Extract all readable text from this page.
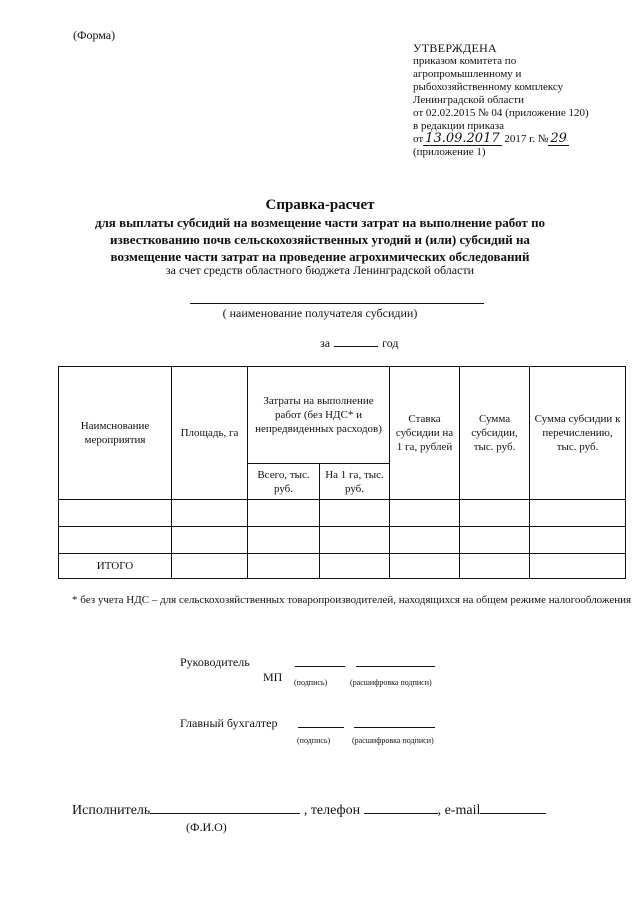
(Форма)
УТВЕРЖДЕНА
приказом комитета по
агропромышленному и
рыбохозяйственному комплексу
Ленинградской области
от 02.02.2015 № 04 (приложение 120)
в редакции приказа
от 13.09.2017 2017 г. № 29
(приложение 1)
Справка-расчет
для выплаты субсидий на возмещение части затрат на выполнение работ по
известкованию почв сельскохозяйственных угодий и (или) субсидий на
возмещение части затрат на проведение агрохимических обследований
за счет средств областного бюджета Ленинградской области
( наименование получателя субсидии)
за	год
Наимснование мероприятия	Площадь, га	Затраты на выполнение работ (без НДС* и непредвиденных расходов)		Ставка субсидии на 1 га, рублей	Сумма субсидии, тыс. руб.	Сумма субсидии к перечислению, тыс. руб.
		Всего, тыс. руб.	На 1 га, тыс. руб.			

ИТОГО						
* без учета НДС – для сельскохозяйственных товаропроизводителей, находящихся на общем режиме налогообложения
Руководитель
МП (подпись)	(расшифровка подписи)
Главный бухгалтер
(подпись)	(расшифровка подписи)
Исполнитель	, телефон	, e-mail
(Ф.И.О)
